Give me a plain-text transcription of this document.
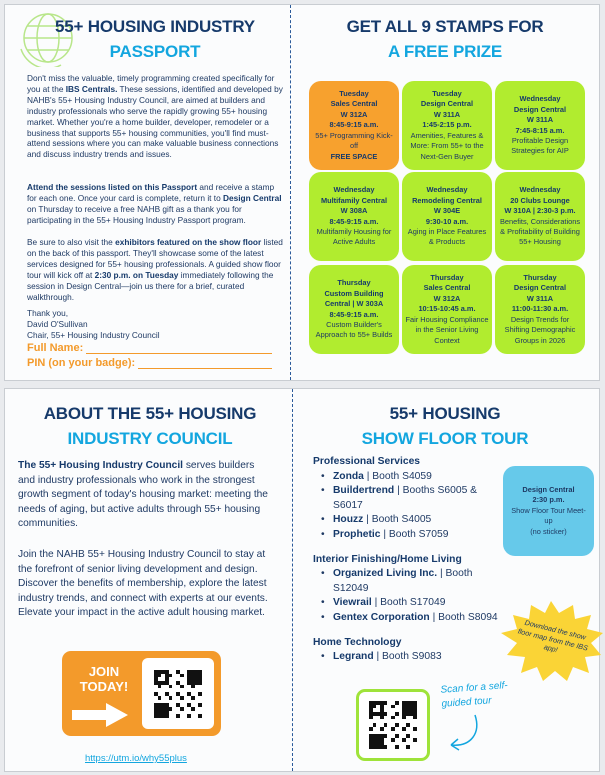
55+ HOUSING INDUSTRY
PASSPORT
Don't miss the valuable, timely programming created specifically for you at the IBS Centrals. These sessions, identified and developed by NAHB's 55+ Housing Industry Council, are aimed at builders and industry professionals who serve the rapidly growing 55+ housing market. Whether you're a home builder, developer, remodeler or a business that supports 55+ housing communities, you'll find must-attend sessions where you can make valuable business connections and discuss industry trends and issues.
Attend the sessions listed on this Passport and receive a stamp for each one. Once your card is complete, return it to Design Central on Thursday to receive a free NAHB gift as a thank you for participating in the 55+ Housing Industry Passport program.
Be sure to also visit the exhibitors featured on the show floor listed on the back of this passport. They'll showcase some of the latest services designed for 55+ housing professionals. A guided show floor tour will kick off at 2:30 p.m. on Tuesday immediately following the session in Design Central—join us there for a brief, curated walkthrough.
Thank you,
David O'Sullivan
Chair, 55+ Housing Industry Council
Full Name:
PIN (on your badge):
GET ALL 9 STAMPS FOR
A FREE PRIZE
Tuesday
Sales Central
W 312A
8:45-9:15 a.m.
55+ Programming Kick-off
FREE SPACE
Tuesday
Design Central
W 311A
1:45-2:15 p.m.
Amenities, Features & More: From 55+ to the Next-Gen Buyer
Wednesday
Design Central
W 311A
7:45-8:15 a.m.
Profitable Design Strategies for AIP
Wednesday
Multifamily Central
W 308A
8:45-9:15 a.m.
Multifamily Housing for Active Adults
Wednesday
Remodeling Central
W 304E
9:30-10 a.m.
Aging in Place Features & Products
Wednesday
20 Clubs Lounge
W 310A | 2:30-3 p.m.
Benefits, Considerations & Profitability of Building 55+ Housing
Thursday
Custom Building Central | W 303A
8:45-9:15 a.m.
Custom Builder's Approach to 55+ Builds
Thursday
Sales Central
W 312A
10:15-10:45 a.m.
Fair Housing Compliance in the Senior Living Context
Thursday
Design Central
W 311A
11:00-11:30 a.m.
Design Trends for Shifting Demographic Groups in 2026
ABOUT THE 55+ HOUSING
INDUSTRY COUNCIL
The 55+ Housing Industry Council serves builders and industry professionals who work in the strongest growth segment of today's housing market: meeting the needs of aging, but active adults through 55+ housing communities.
Join the NAHB 55+ Housing Industry Council to stay at the forefront of senior living development and design. Discover the benefits of membership, explore the latest industry trends, and connect with experts at our events. Elevate your impact in the active adult housing market.
JOIN
TODAY!
https://utm.io/why55plus
55+ HOUSING
SHOW FLOOR TOUR
Design Central
2:30 p.m.
Show Floor Tour Meet-up
(no sticker)
Download the show floor map from the IBS app!
Scan for a self-guided tour
Professional Services
• Zonda | Booth S4059
• Buildertrend | Booths S6005 & S6017
• Houzz | Booth S4005
• Prophetic | Booth S7059
Interior Finishing/Home Living
• Organized Living Inc. | Booth S12049
• Viewrail | Booth S17049
• Gentex Corporation | Booth S8094
Home Technology
• Legrand | Booth S9083
